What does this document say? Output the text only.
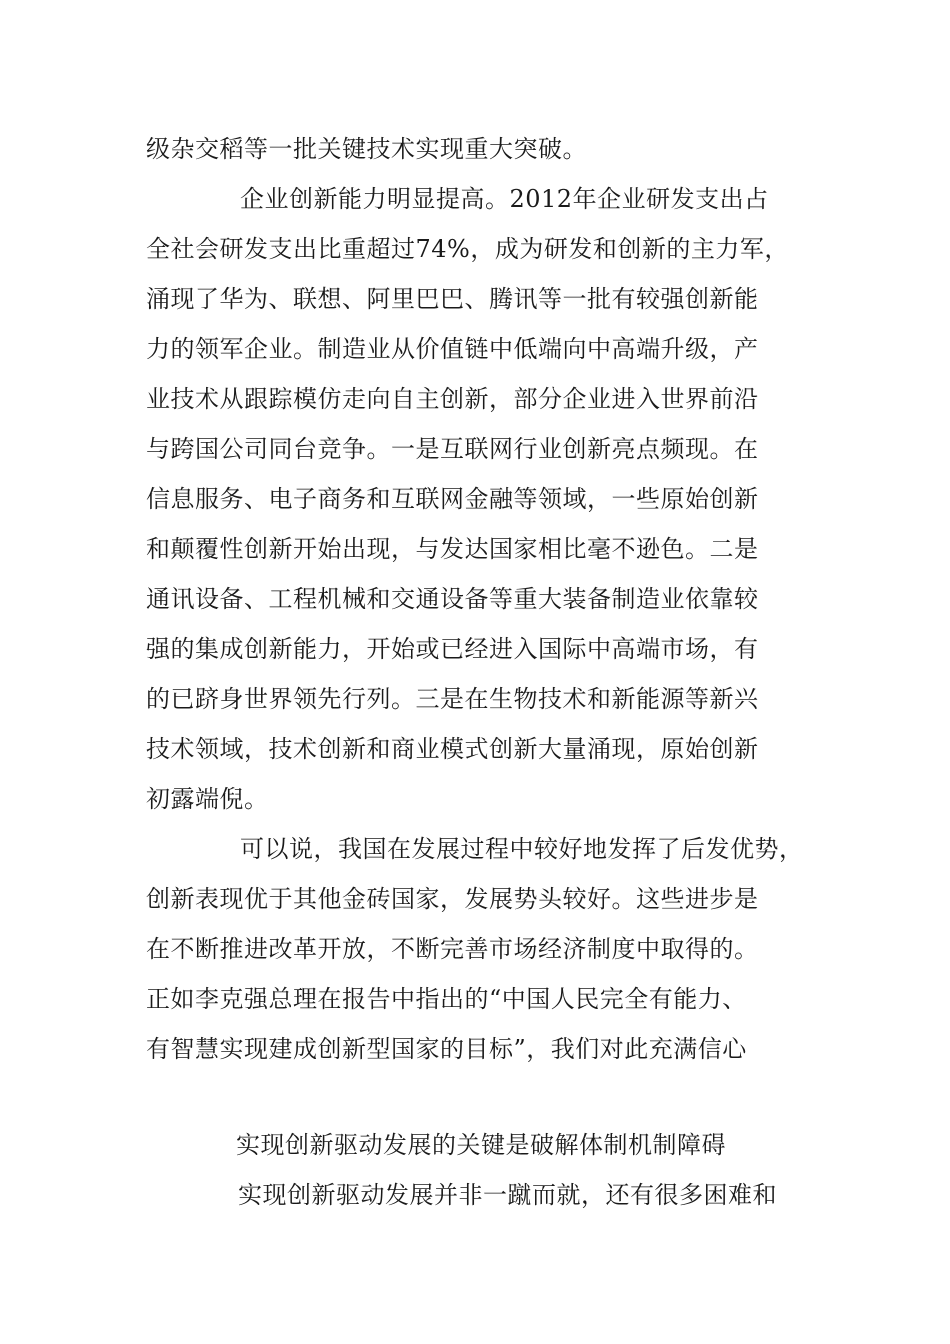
级杂交稻等一批关键技术实现重大突破。
企业创新能力明显提高。2012年企业研发支出占
全社会研发支出比重超过74%，成为研发和创新的主力军，
涌现了华为、联想、阿里巴巴、腾讯等一批有较强创新能
力的领军企业。制造业从价值链中低端向中高端升级，产
业技术从跟踪模仿走向自主创新，部分企业进入世界前沿
与跨国公司同台竞争。一是互联网行业创新亮点频现。在
信息服务、电子商务和互联网金融等领域，一些原始创新
和颠覆性创新开始出现，与发达国家相比毫不逊色。二是
通讯设备、工程机械和交通设备等重大装备制造业依靠较
强的集成创新能力，开始或已经进入国际中高端市场，有
的已跻身世界领先行列。三是在生物技术和新能源等新兴
技术领域，技术创新和商业模式创新大量涌现，原始创新
初露端倪。
可以说，我国在发展过程中较好地发挥了后发优势，
创新表现优于其他金砖国家，发展势头较好。这些进步是
在不断推进改革开放，不断完善市场经济制度中取得的。
正如李克强总理在报告中指出的“中国人民完全有能力、
有智慧实现建成创新型国家的目标”，我们对此充满信心
实现创新驱动发展的关键是破解体制机制障碍
实现创新驱动发展并非一蹴而就，还有很多困难和
